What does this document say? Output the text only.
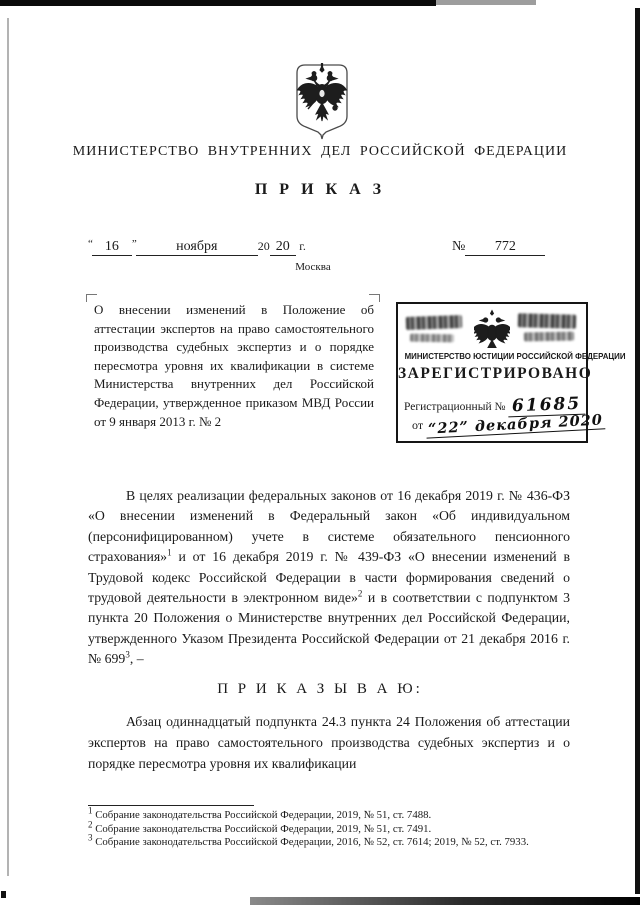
МИНИСТЕРСТВО ВНУТРЕННИХ ДЕЛ РОССИЙСКОЙ ФЕДЕРАЦИИ
П Р И К А З
“ 16 ”	ноября	20 20 г.	№ 772
Москва
О внесении изменений в Положение об аттестации экспертов на право самостоятельного производства судебных экспертиз и о порядке пересмотра уровня их квалификации в системе Министерства внутренних дел Российской Федерации, утвержденное приказом МВД России от 9 января 2013 г. № 2
МИНИСТЕРСТВО ЮСТИЦИИ РОССИЙСКОЙ ФЕДЕРАЦИИ
ЗАРЕГИСТРИРОВАНО
Регистрационный № 61685
от “22” декабря 2020
В целях реализации федеральных законов от 16 декабря 2019 г. № 436-ФЗ «О внесении изменений в Федеральный закон «Об индивидуальном (персонифицированном) учете в системе обязательного пенсионного страхования»$^1$ и от 16 декабря 2019 г. № 439-ФЗ «О внесении изменений в Трудовой кодекс Российской Федерации в части формирования сведений о трудовой деятельности в электронном виде»$^2$ и в соответствии с подпунктом 3 пункта 20 Положения о Министерстве внутренних дел Российской Федерации, утвержденного Указом Президента Российской Федерации от 21 декабря 2016 г. № $699^3$, –
П Р И К А З Ы В А Ю:
Абзац одиннадцатый подпункта 24.3 пункта 24 Положения об аттестации экспертов на право самостоятельного производства судебных экспертиз и о порядке пересмотра уровня их квалификации
$^1$ Собрание законодательства Российской Федерации, 2019, № 51, ст. 7488.
$^2$ Собрание законодательства Российской Федерации, 2019, № 51, ст. 7491.
$^3$ Собрание законодательства Российской Федерации, 2016, № 52, ст. 7614; 2019, № 52, ст. 7933.
